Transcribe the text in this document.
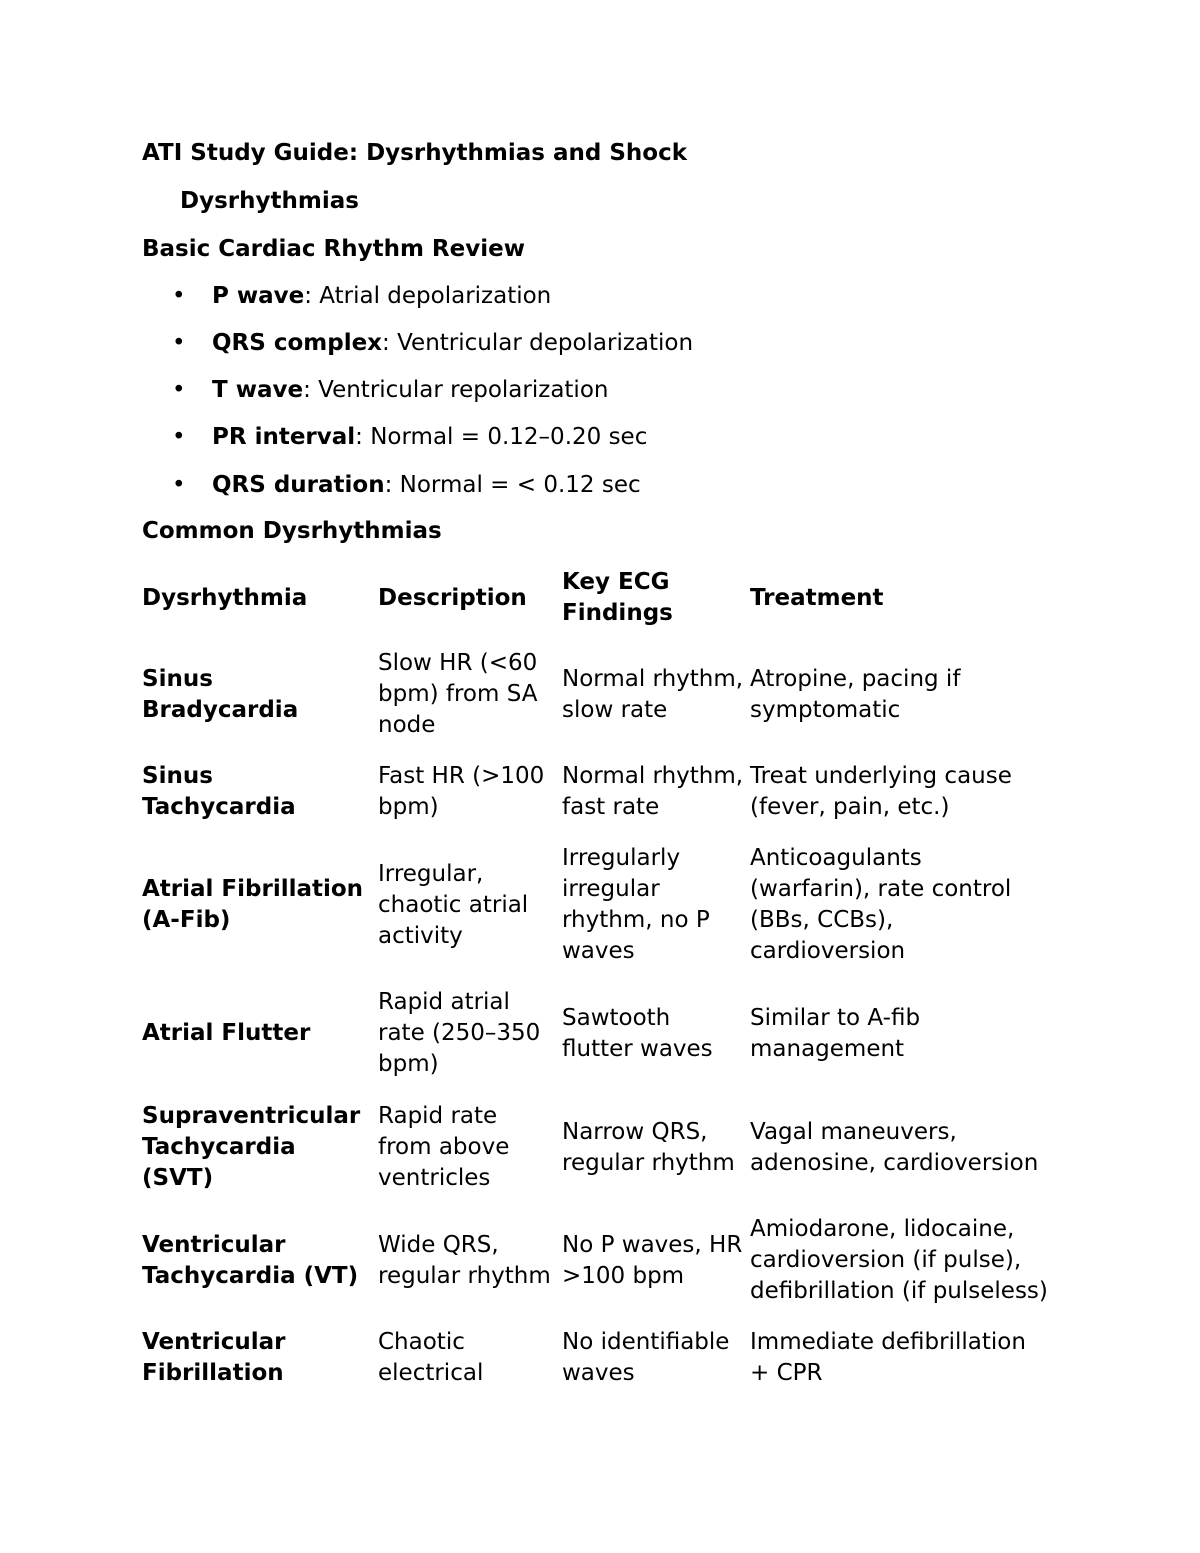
ATI Study Guide: Dysrhythmias and Shock
Dysrhythmias
Basic Cardiac Rhythm Review
• P wave: Atrial depolarization
• QRS complex: Ventricular depolarization
• T wave: Ventricular repolarization
• PR interval: Normal = 0.12–0.20 sec
• QRS duration: Normal = < 0.12 sec
Common Dysrhythmias
Dysrhythmia	Description
Key ECG
Findings
Treatment
Sinus
Bradycardia
Slow HR (<60
bpm) from SA
node
Normal rhythm,
slow rate
Atropine, pacing if
symptomatic
Sinus
Tachycardia
Fast HR (>100
bpm)
Normal rhythm,
fast rate
Treat underlying cause
(fever, pain, etc.)
Atrial Fibrillation
(A-Fib)
Irregular,
chaotic atrial
activity
Irregularly
irregular
rhythm, no P
waves
Anticoagulants
(warfarin), rate control
(BBs, CCBs),
cardioversion
Atrial Flutter
Rapid atrial
rate (250–350
bpm)
Sawtooth
flutter waves
Similar to A-fib
management
Supraventricular
Tachycardia
(SVT)
Rapid rate
from above
ventricles
Narrow QRS,
regular rhythm
Vagal maneuvers,
adenosine, cardioversion
Ventricular
Tachycardia (VT)
Wide QRS,
regular rhythm
No P waves, HR
>100 bpm
Amiodarone, lidocaine,
cardioversion (if pulse),
defibrillation (if pulseless)
Ventricular
Fibrillation
Chaotic
electrical
No identifiable
waves
Immediate defibrillation
+ CPR
